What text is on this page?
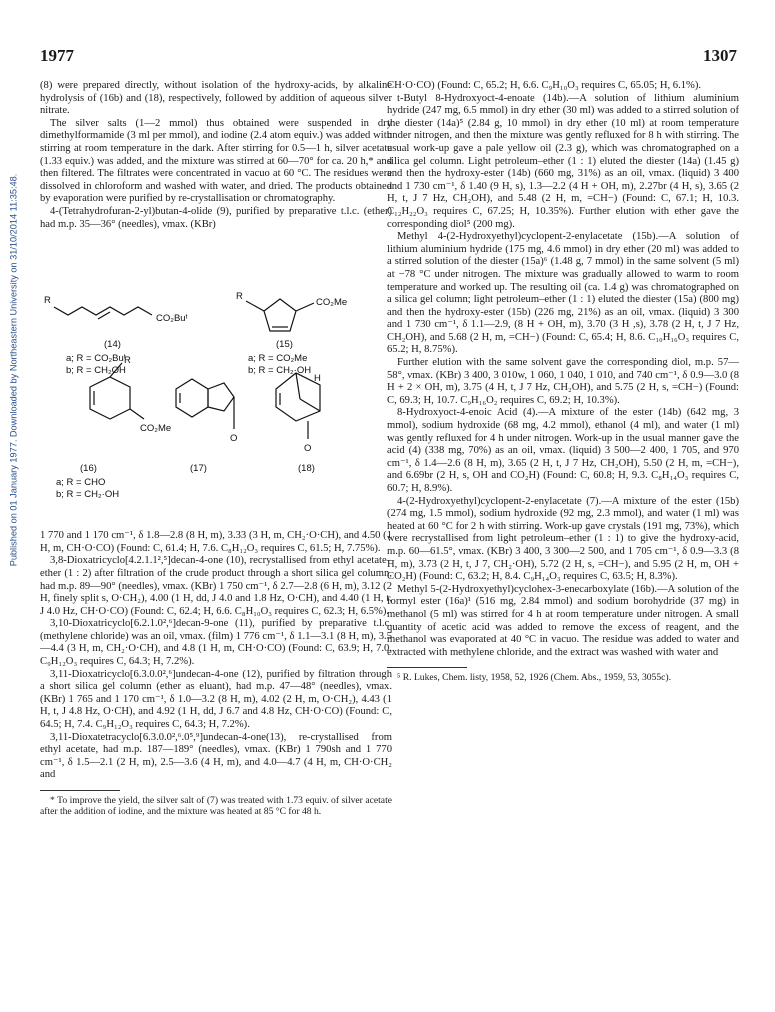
1977	1307
Published on 01 January 1977. Downloaded by Northeastern University on 31/10/2014 11:35:48.

(8) were prepared directly, without isolation of the hydroxy-acids, by alkaline hydrolysis of (16b) and (18), respectively, followed by addition of aqueous silver nitrate.

The silver salts (1—2 mmol) thus obtained were suspended in dry dimethylformamide (3 ml per mmol), and iodine (2.4 atom equiv.) was added with stirring at room temperature in the dark. After stirring for 0.5—1 h, silver acetate (1.33 equiv.) was added, and the mixture was stirred at 60—70° for ca. 20 h,* and then filtered. The filtrates were concentrated in vacuo at 60 °C. The residues were dissolved in chloroform and washed with water, and dried. The products obtained by evaporation were purified by re-crystallisation or chromatography.

4-(Tetrahydrofuran-2-yl)butan-4-olide (9), purified by preparative t.l.c. (ether) had m.p. 35—36° (needles), νmax. (KBr)

R
CO₂Buᵗ
R
CO₂Me
(14)	(15)
a; R = CO₂Buᵗ
b; R = CH₂OH
a; R = CO₂Me
b; R = CH₂·OH
R
CO₂Me
O
H
O
(16)	(17)	(18)
a; R = CHO
b; R = CH₂·OH

1 770 and 1 170 cm⁻¹, δ 1.8—2.8 (8 H, m), 3.33 (3 H, m, CH₂·O·CH), and 4.50 (1 H, m, CH·O·CO) (Found: C, 61.4; H, 7.6. C₈H₁₂O₃ requires C, 61.5; H, 7.75%).

3,8-Dioxatricyclo[4.2.1.1²,⁵]decan-4-one (10), recrystallised from ethyl acetate–ether (1 : 2) after filtration of the crude product through a short silica gel column, had m.p. 89—90° (needles), νmax. (KBr) 1 750 cm⁻¹, δ 2.7—2.8 (6 H, m), 3.12 (2 H, finely split s, O·CH₂), 4.00 (1 H, dd, J 4.0 and 1.8 Hz, O·CH), and 4.40 (1 H, t, J 4.0 Hz, CH·O·CO) (Found: C, 62.4; H, 6.6. C₈H₁₀O₃ requires C, 62.3; H, 6.5%).

3,10-Dioxatricyclo[6.2.1.0²,⁶]decan-9-one (11), purified by preparative t.l.c. (methylene chloride) was an oil, νmax. (film) 1 776 cm⁻¹, δ 1.1—3.1 (8 H, m), 3.5—4.4 (3 H, m, CH₂·O·CH), and 4.8 (1 H, m, CH·O·CO) (Found: C, 63.9; H, 7.0. C₉H₁₂O₃ requires C, 64.3; H, 7.2%).

3,11-Dioxatricyclo[6.3.0.0²,⁶]undecan-4-one (12), purified by filtration through a short silica gel column (ether as eluant), had m.p. 47—48° (needles), νmax. (KBr) 1 765 and 1 170 cm⁻¹, δ 1.0—3.2 (8 H, m), 4.02 (2 H, m, O·CH₂), 4.43 (1 H, t, J 4.8 Hz, O·CH), and 4.92 (1 H, dd, J 6.7 and 4.8 Hz, CH·O·CO) (Found: C, 64.5; H, 7.4. C₉H₁₂O₃ requires C, 64.3; H, 7.2%).

3,11-Dioxatetracyclo[6.3.0.0²,⁶.0⁵,⁹]undecan-4-one(13), re-crystallised from ethyl acetate, had m.p. 187—189° (needles), νmax. (KBr) 1 790sh and 1 770 cm⁻¹, δ 1.5—2.1 (2 H, m), 2.5—3.6 (4 H, m), and 4.0—4.7 (4 H, m, CH·O·CH₂ and

* To improve the yield, the silver salt of (7) was treated with 1.73 equiv. of silver acetate after the addition of iodine, and the mixture was heated at 85 °C for 48 h.

CH·O·CO) (Found: C, 65.2; H, 6.6. C₉H₁₀O₃ requires C, 65.05; H, 6.1%).

t-Butyl 8-Hydroxyoct-4-enoate (14b).—A solution of lithium aluminium hydride (247 mg, 6.5 mmol) in dry ether (30 ml) was added to a stirred solution of the diester (14a)⁵ (2.84 g, 10 mmol) in dry ether (10 ml) at room temperature under nitrogen, and then the mixture was gently refluxed for 8 h with stirring. The usual work-up gave a pale yellow oil (2.3 g), which was chromatographed on a silica gel column. Light petroleum–ether (1 : 1) eluted the diester (14a) (1.45 g) and then the hydroxy-ester (14b) (660 mg, 31%) as an oil, νmax. (liquid) 3 400 and 1 730 cm⁻¹, δ 1.40 (9 H, s), 1.3—2.2 (4 H + OH, m), 2.27br (4 H, s), 3.65 (2 H, t, J 7 Hz, CH₂OH), and 5.48 (2 H, m, =CH−) (Found: C, 67.1; H, 10.3. C₁₂H₂₂O₃ requires C, 67.25; H, 10.35%). Further elution with ether gave the corresponding diol⁵ (200 mg).

Methyl 4-(2-Hydroxyethyl)cyclopent-2-enylacetate (15b).—A solution of lithium aluminium hydride (175 mg, 4.6 mmol) in dry ether (20 ml) was added to a stirred solution of the diester (15a)⁶ (1.48 g, 7 mmol) in the same solvent (5 ml) at −78 °C under nitrogen. The mixture was gradually allowed to warm to room temperature and worked up. The resulting oil (ca. 1.4 g) was chromatographed on a silica gel column; light petroleum–ether (1 : 1) eluted the diester (15a) (800 mg) and then the hydroxy-ester (15b) (226 mg, 21%) as an oil, νmax. (liquid) 3 300 and 1 730 cm⁻¹, δ 1.1—2.9, (8 H + OH, m), 3.70 (3 H ,s), 3.78 (2 H, t, J 7 Hz, CH₂OH), and 5.68 (2 H, m, =CH−) (Found: C, 65.4; H, 8.6. C₁₀H₁₆O₃ requires C, 65.2; H, 8.75%).

Further elution with the same solvent gave the corresponding diol, m.p. 57—58°, νmax. (KBr) 3 400, 3 010w, 1 060, 1 040, 1 010, and 740 cm⁻¹, δ 0.9—3.0 (8 H + 2 × OH, m), 3.75 (4 H, t, J 7 Hz, CH₂OH), and 5.75 (2 H, s, =CH−) (Found: C, 69.3; H, 10.7. C₉H₁₆O₂ requires C, 69.2; H, 10.3%).

8-Hydroxyoct-4-enoic Acid (4).—A mixture of the ester (14b) (642 mg, 3 mmol), sodium hydroxide (68 mg, 4.2 mmol), ethanol (4 ml), and water (1 ml) was gently refluxed for 4 h under nitrogen. Work-up in the usual manner gave the acid (4) (338 mg, 70%) as an oil, νmax. (liquid) 3 500—2 400, 1 705, and 970 cm⁻¹, δ 1.4—2.6 (8 H, m), 3.65 (2 H, t, J 7 Hz, CH₂OH), 5.50 (2 H, m, =CH−), and 6.69br (2 H, s, OH and CO₂H) (Found: C, 60.8; H, 9.3. C₈H₁₄O₃ requires C, 60.7; H, 8.9%).

4-(2-Hydroxyethyl)cyclopent-2-enylacetate (7).—A mixture of the ester (15b) (274 mg, 1.5 mmol), sodium hydroxide (92 mg, 2.3 mmol), and water (1 ml) was heated at 60 °C for 2 h with stirring. Work-up gave crystals (191 mg, 73%), which were recrystallised from light petroleum–ether (1 : 1) to give the hydroxy-acid, m.p. 60—61.5°, νmax. (KBr) 3 400, 3 300—2 500, and 1 705 cm⁻¹, δ 0.9—3.3 (8 H, m), 3.73 (2 H, t, J 7, CH₂·OH), 5.72 (2 H, s, =CH−), and 5.95 (2 H, m, OH + CO₂H) (Found: C, 63.2; H, 8.4. C₉H₁₄O₃ requires C, 63.5; H, 8.3%).

Methyl 5-(2-Hydroxyethyl)cyclohex-3-enecarboxylate (16b).—A solution of the formyl ester (16a)¹ (516 mg, 2.84 mmol) and sodium borohydride (37 mg) in methanol (5 ml) was stirred for 4 h at room temperature under nitrogen. A small quantity of acetic acid was added to remove the excess of reagent, and the methanol was evaporated at 40 °C in vacuo. The residue was added to water and extracted with methylene chloride, and the extract was washed with water and

⁵ R. Lukes, Chem. listy, 1958, 52, 1926 (Chem. Abs., 1959, 53, 3055c).
